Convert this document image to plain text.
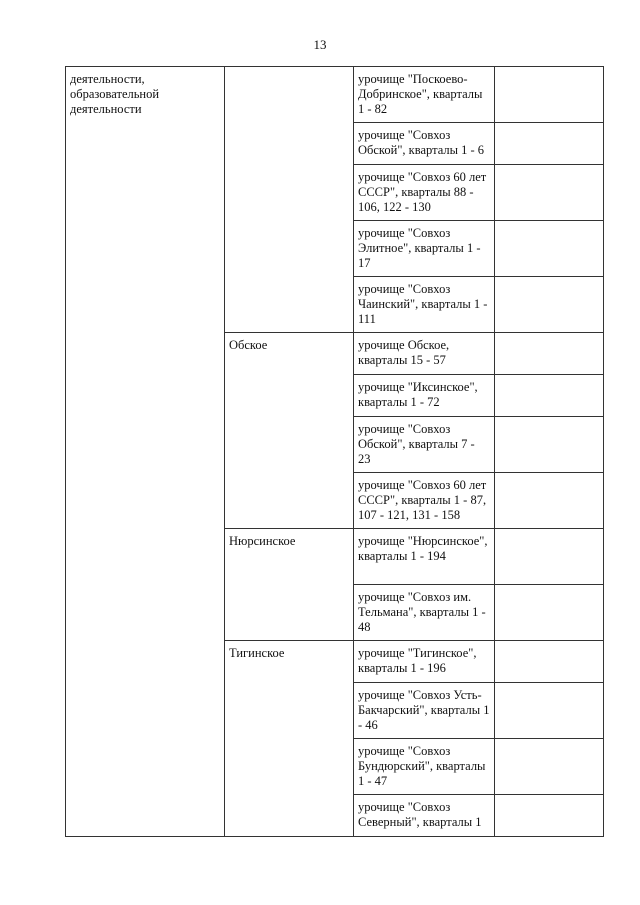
13
деятельности, образовательной деятельности		урочище "Поскоево-Добринское", кварталы 1 - 82	
		урочище "Совхоз Обской", кварталы 1 - 6	
		урочище "Совхоз 60 лет СССР", кварталы 88 - 106, 122 - 130	
		урочище "Совхоз Элитное", кварталы 1 - 17	
		урочище "Совхоз Чаинский", кварталы 1 - 111	
	Обское	урочище Обское, кварталы 15 - 57	
		урочище "Иксинское", кварталы 1 - 72	
		урочище "Совхоз Обской", кварталы 7 - 23	
		урочище "Совхоз 60 лет СССР", кварталы 1 - 87, 107 - 121, 131 - 158	
	Нюрсинское	урочище "Нюрсинское", кварталы 1 - 194	
		урочище "Совхоз им. Тельмана", кварталы 1 - 48	
	Тигинское	урочище "Тигинское", кварталы 1 - 196	
		урочище "Совхоз Усть-Бакчарский", кварталы 1 - 46	
		урочище "Совхоз Бундюрский", кварталы 1 - 47	
		урочище "Совхоз Северный", кварталы 1	
